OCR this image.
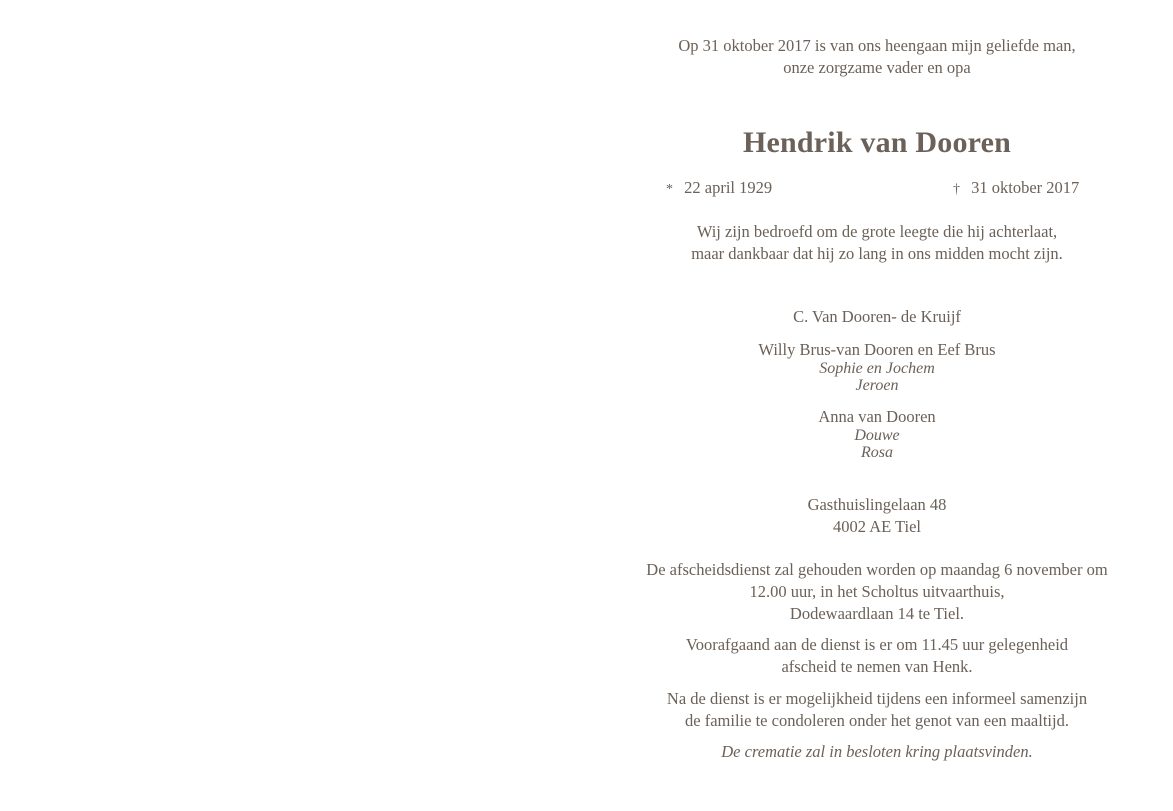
Op 31 oktober 2017 is van ons heengaan mijn geliefde man,
onze zorgzame vader en opa
Hendrik van Dooren
* 22 april 1929	† 31 oktober 2017
Wij zijn bedroefd om de grote leegte die hij achterlaat,
maar dankbaar dat hij zo lang in ons midden mocht zijn.
C. Van Dooren- de Kruijf
Willy Brus-van Dooren en Eef Brus
Sophie en Jochem
Jeroen
Anna van Dooren
Douwe
Rosa
Gasthuislingelaan 48
4002 AE Tiel
De afscheidsdienst zal gehouden worden op maandag 6 november om
12.00 uur, in het Scholtus uitvaarthuis,
Dodewaardlaan 14 te Tiel.
Voorafgaand aan de dienst is er om 11.45 uur gelegenheid
afscheid te nemen van Henk.
Na de dienst is er mogelijkheid tijdens een informeel samenzijn
de familie te condoleren onder het genot van een maaltijd.
De crematie zal in besloten kring plaatsvinden.
